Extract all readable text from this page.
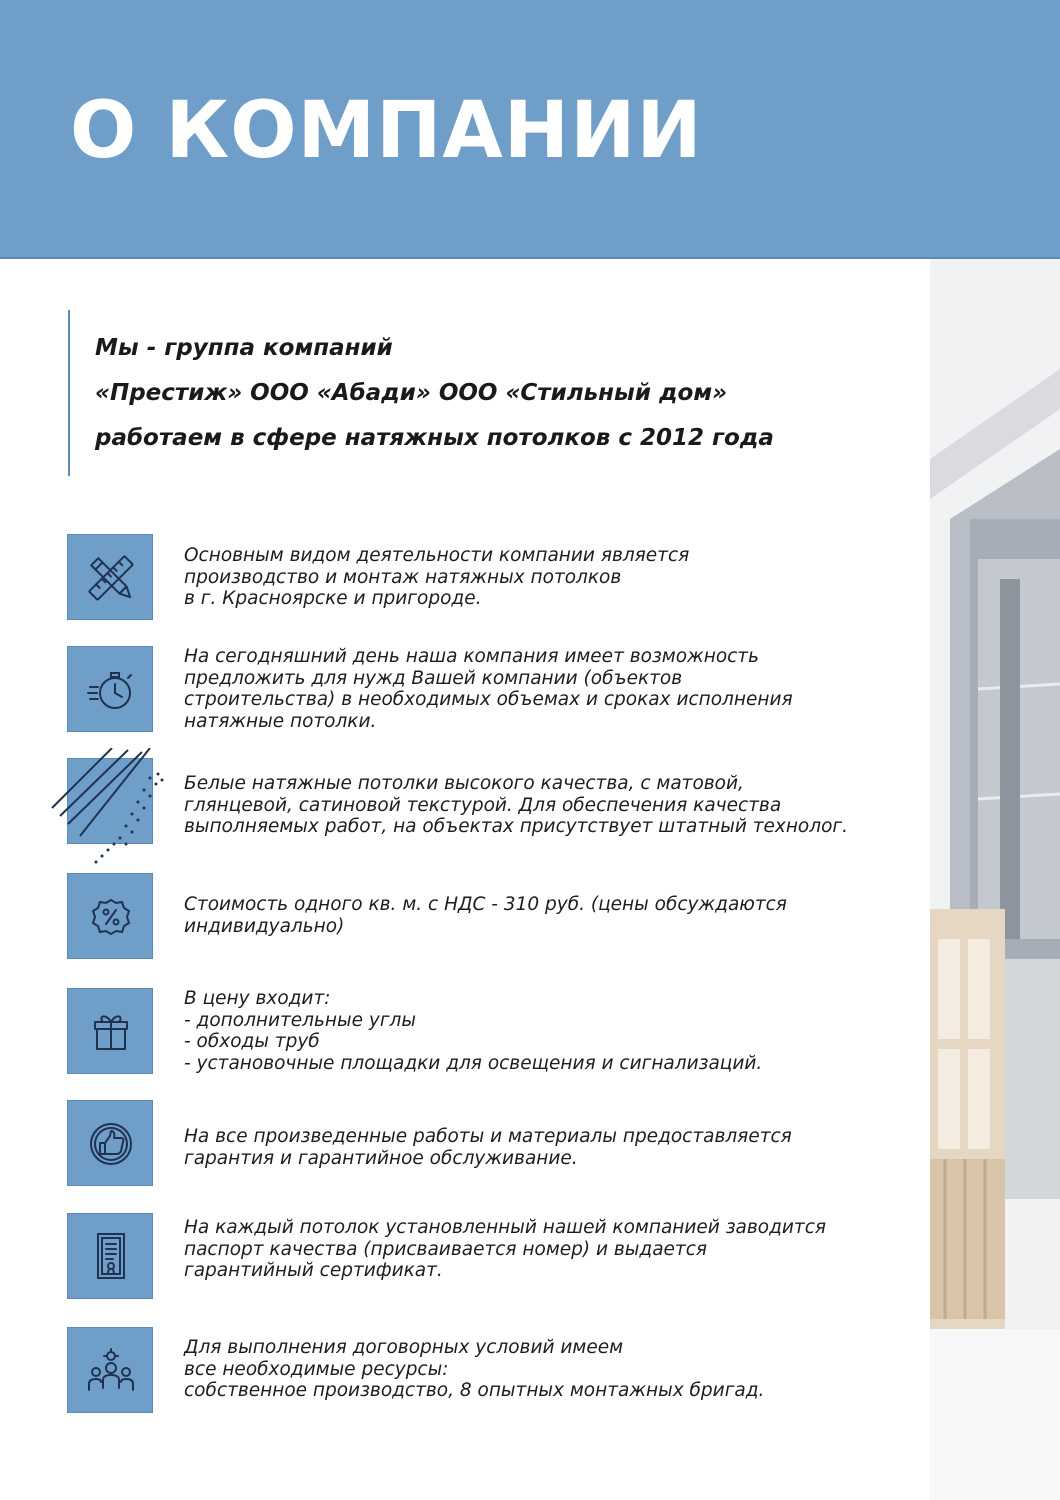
О КОМПАНИИ
Мы - группа компаний
«Престиж» ООО «Абади» ООО «Стильный дом»
работаем в сфере натяжных потолков с 2012 года
Основным видом деятельности компании является
производство и монтаж натяжных потолков
в г. Красноярске и пригороде.
На сегодняшний день наша компания имеет возможность
предложить для нужд Вашей компании (объектов
строительства) в необходимых объемах и сроках исполнения
натяжные потолки.
Белые натяжные потолки высокого качества, с матовой,
глянцевой, сатиновой текстурой. Для обеспечения качества
выполняемых работ, на объектах присутствует штатный технолог.
Стоимость одного кв. м. с НДС - 310 руб. (цены обсуждаются
индивидуально)
В цену входит:
- дополнительные углы
- обходы труб
- установочные площадки для освещения и сигнализаций.
На все произведенные работы и материалы предоставляется
гарантия и гарантийное обслуживание.
На каждый потолок установленный нашей компанией заводится
паспорт качества (присваивается номер) и выдается
гарантийный сертификат.
Для выполнения договорных условий имеем
все необходимые ресурсы:
собственное производство, 8 опытных монтажных бригад.
